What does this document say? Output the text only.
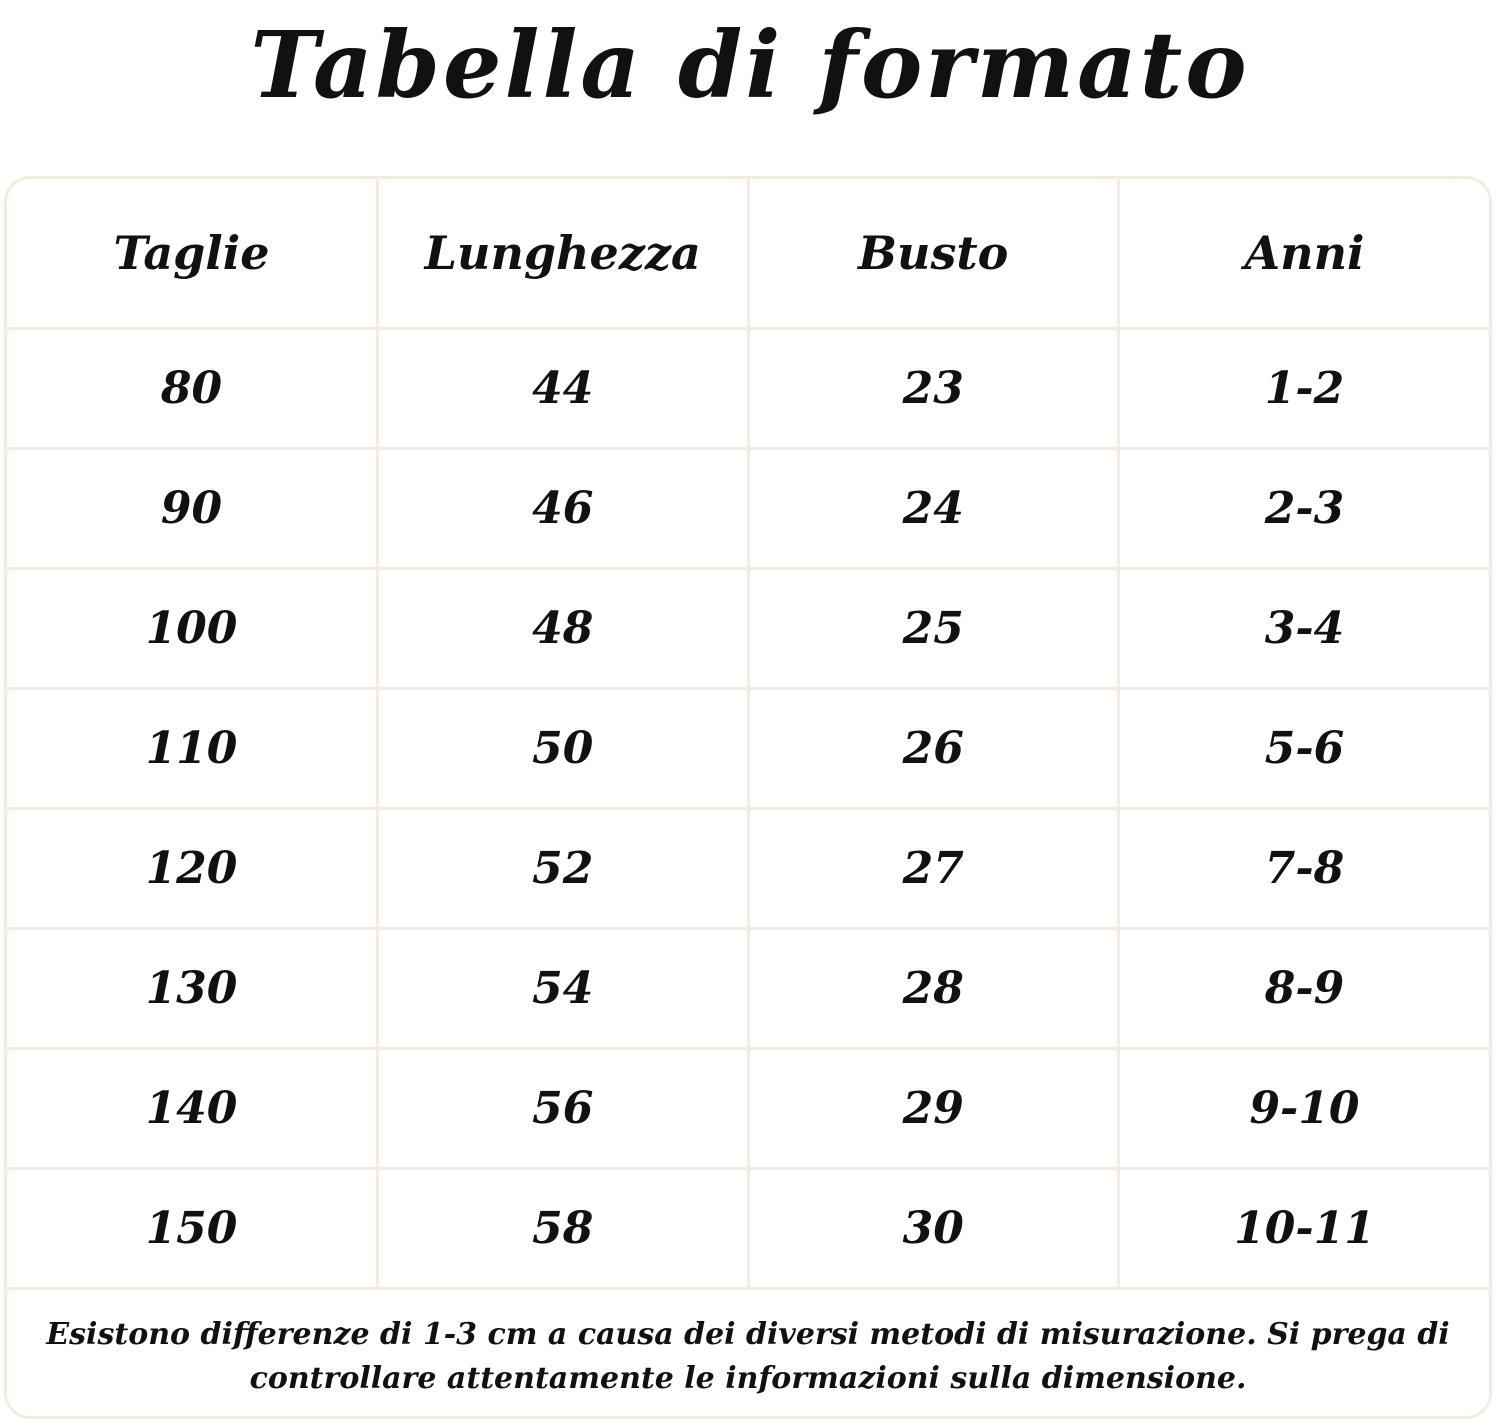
Tabella di formato
Taglie	Lunghezza	Busto	Anni
80	44	23	1-2
90	46	24	2-3
100	48	25	3-4
110	50	26	5-6
120	52	27	7-8
130	54	28	8-9
140	56	29	9-10
150	58	30	10-11
Esistono differenze di 1-3 cm a causa dei diversi metodi di misurazione. Si prega di controllare attentamente le informazioni sulla dimensione.
